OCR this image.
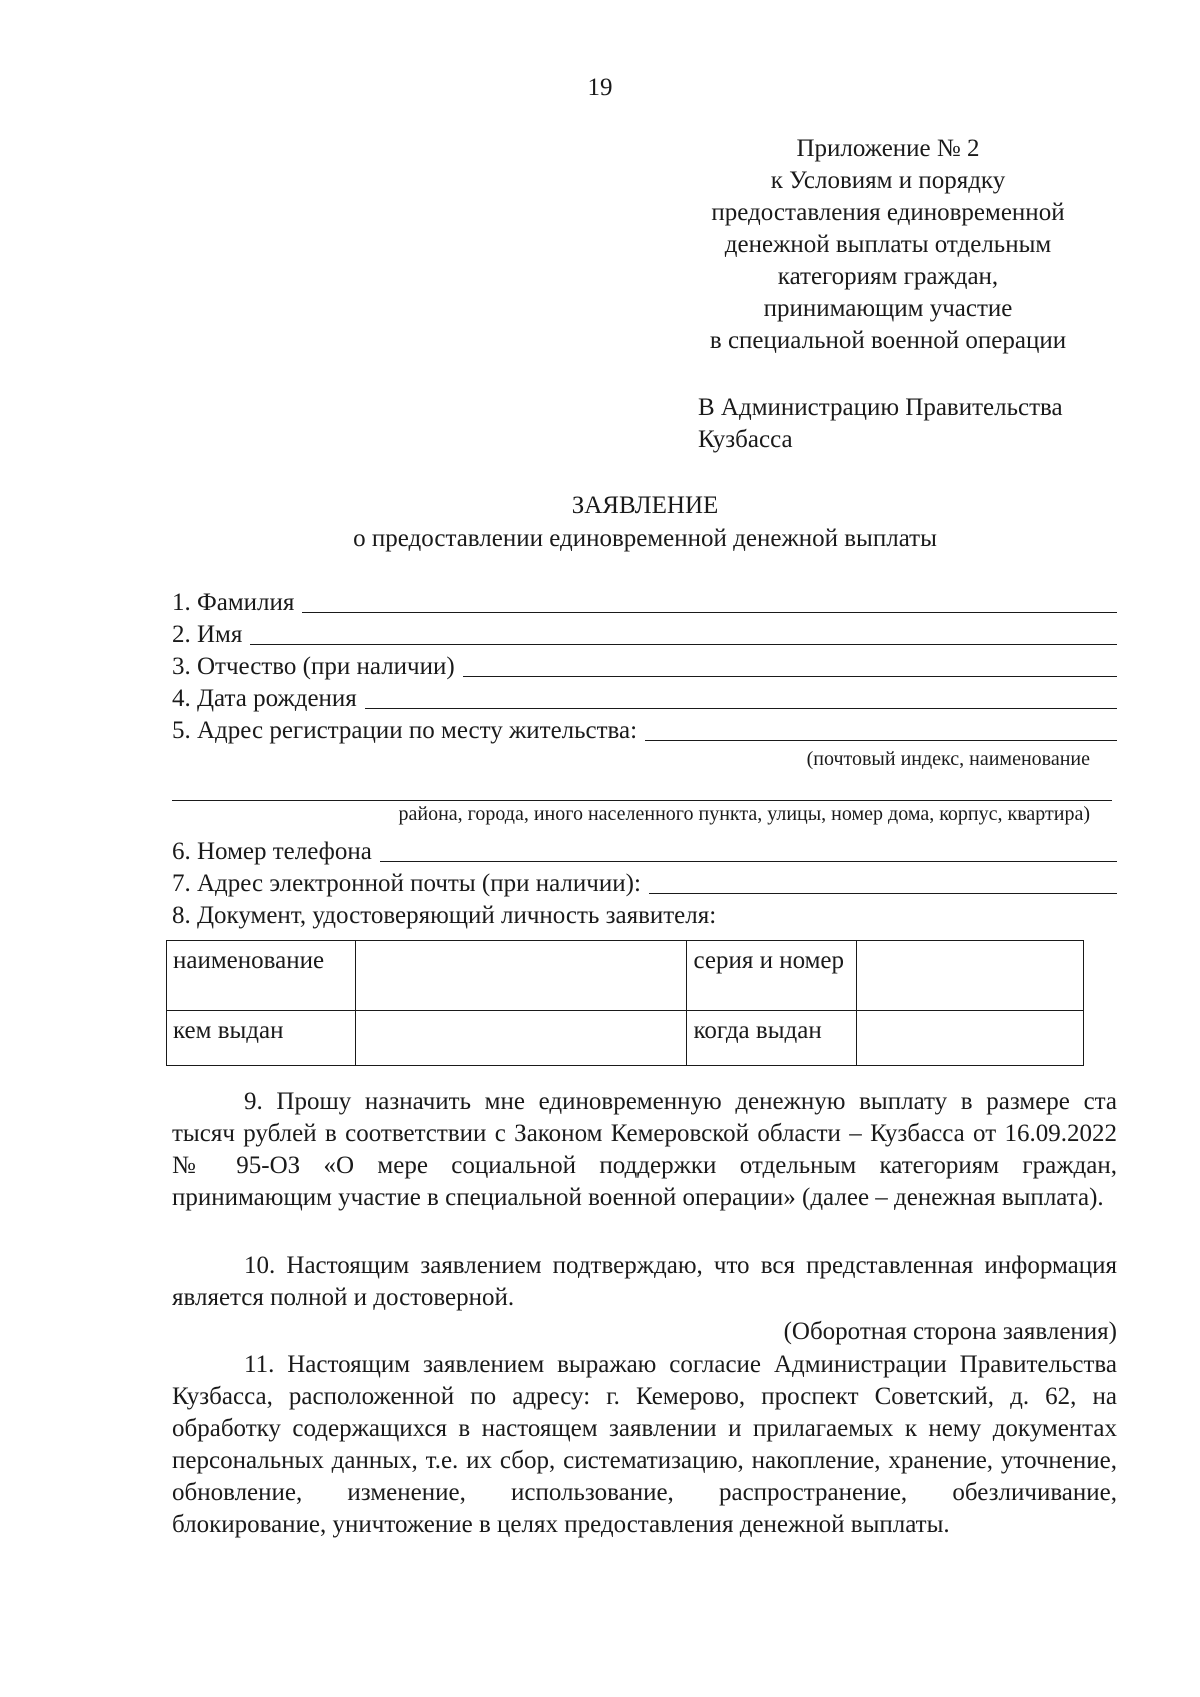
19
Приложение № 2
к Условиям и порядку
предоставления единовременной
денежной выплаты отдельным
категориям граждан,
принимающим участие
в специальной военной операции
В Администрацию Правительства
Кузбасса
ЗАЯВЛЕНИЕ
о предоставлении единовременной денежной выплаты
1. Фамилия
2. Имя
3. Отчество (при наличии)
4. Дата рождения
5. Адрес регистрации по месту жительства:
(почтовый индекс, наименование
района, города, иного населенного пункта, улицы, номер дома, корпус, квартира)
6. Номер телефона
7. Адрес электронной почты (при наличии):
8. Документ, удостоверяющий личность заявителя:
наименование		серия и номер	
кем выдан		когда выдан	
9. Прошу назначить мне единовременную денежную выплату в размере ста тысяч рублей в соответствии с Законом Кемеровской области – Кузбасса от 16.09.2022 № 95-ОЗ «О мере социальной поддержки отдельным категориям граждан, принимающим участие в специальной военной операции» (далее – денежная выплата).
10. Настоящим заявлением подтверждаю, что вся представленная информация является полной и достоверной.
(Оборотная сторона заявления)
11. Настоящим заявлением выражаю согласие Администрации Правительства Кузбасса, расположенной по адресу: г. Кемерово, проспект Советский, д. 62, на обработку содержащихся в настоящем заявлении и прилагаемых к нему документах персональных данных, т.е. их сбор, систематизацию, накопление, хранение, уточнение, обновление, изменение, использование, распространение, обезличивание, блокирование, уничтожение в целях предоставления денежной выплаты.
